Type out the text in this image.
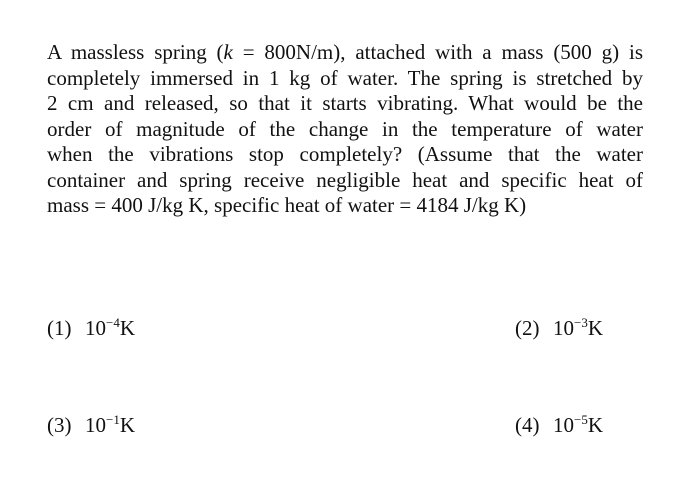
A massless spring (k = 800N/m), attached with a mass (500 g) is
completely immersed in 1 kg of water. The spring is stretched by
2 cm and released, so that it starts vibrating. What would be the
order of magnitude of the change in the temperature of water
when the vibrations stop completely? (Assume that the water
container and spring receive negligible heat and specific heat of
mass = 400 J/kg K, specific heat of water = 4184 J/kg K)
(1) $10^{-4}K$	(2) $10^{-3}K$
(3) $10^{-1}K$	(4) $10^{-5}K$
